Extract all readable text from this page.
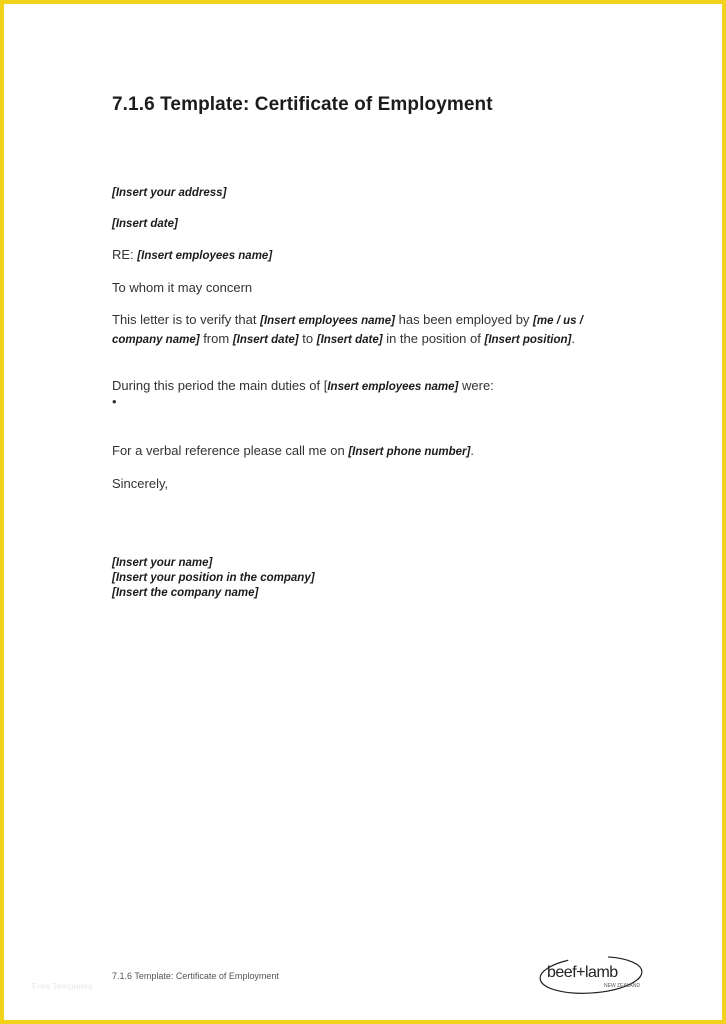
7.1.6 Template: Certificate of Employment

[Insert your address]

[Insert date]

RE: [Insert employees name]

To whom it may concern

This letter is to verify that [Insert employees name] has been employed by [me / us / company name] from [Insert date] to [Insert date] in the position of [Insert position].

During this period the main duties of [Insert employees name] were:

•

For a verbal reference please call me on [Insert phone number].

Sincerely,

[Insert your name]
[Insert your position in the company]
[Insert the company name]
Free Templates
7.1.6 Template: Certificate of Employment	beef+lamb
NEW ZEALAND
